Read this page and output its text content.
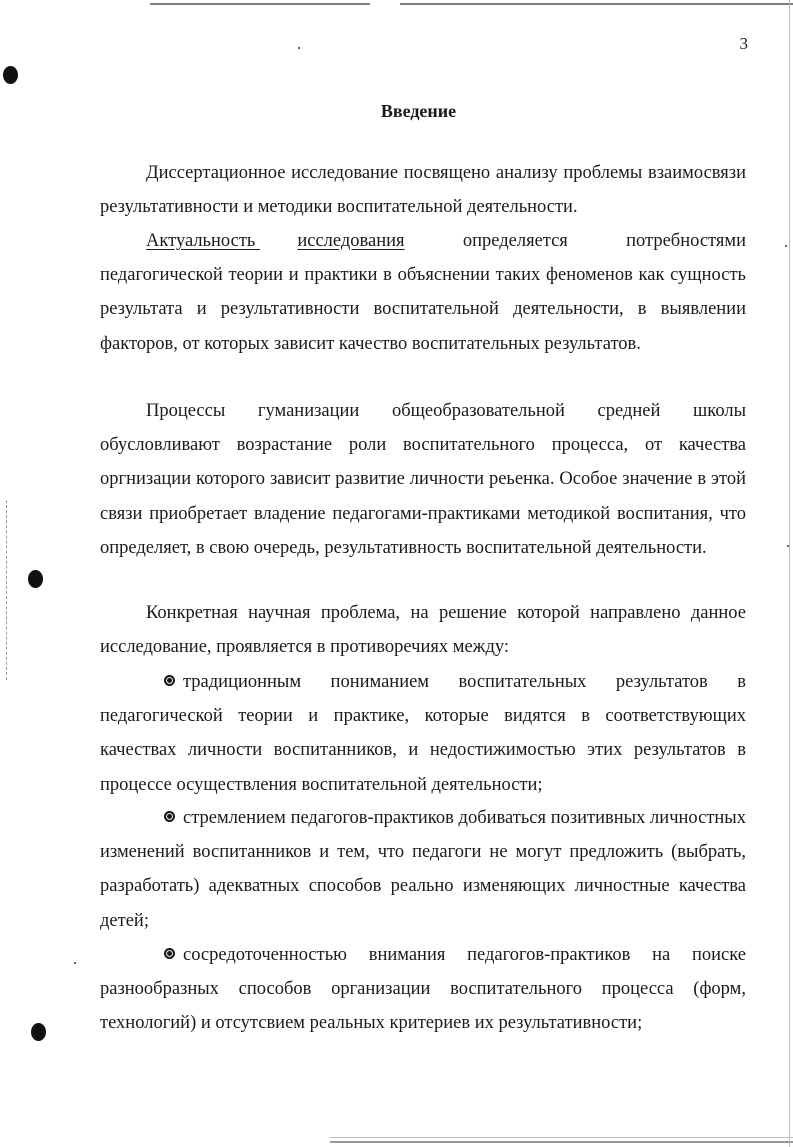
3
Введение

Диссертационное исследование посвящено анализу проблемы взаимосвязи результативности и методики воспитательной деятельности.

Актуальность исследования определяется потребностями педагогической теории и практики в объяснении таких феноменов как сущность результата и результативности воспитательной деятельности, в выявлении факторов, от которых зависит качество воспитательных результатов.

Процессы гуманизации общеобразовательной средней школы обусловливают возрастание роли воспитательного процесса, от качества оргнизации которого зависит развитие личности реьенка. Особое значение в этой связи приобретает владение педагогами-практиками методикой воспитания, что определяет, в свою очередь, результативность воспитательной деятельности.

Конкретная научная проблема, на решение которой направлено данное исследование, проявляется в противоречиях между:

традиционным пониманием воспитательных результатов в педагогической теории и практике, которые видятся в соответствующих качествах личности воспитанников, и недостижимостью этих результатов в процессе осуществления воспитательной деятельности;

стремлением педагогов-практиков добиваться позитивных личностных изменений воспитанников и тем, что педагоги не могут предложить (выбрать, разработать) адекватных способов реально изменяющих личностные качества детей;

сосредоточенностью внимания педагогов-практиков на поиске разнообразных способов организации воспитательного процесса (форм, технологий) и отсутсвием реальных критериев их результативности;
